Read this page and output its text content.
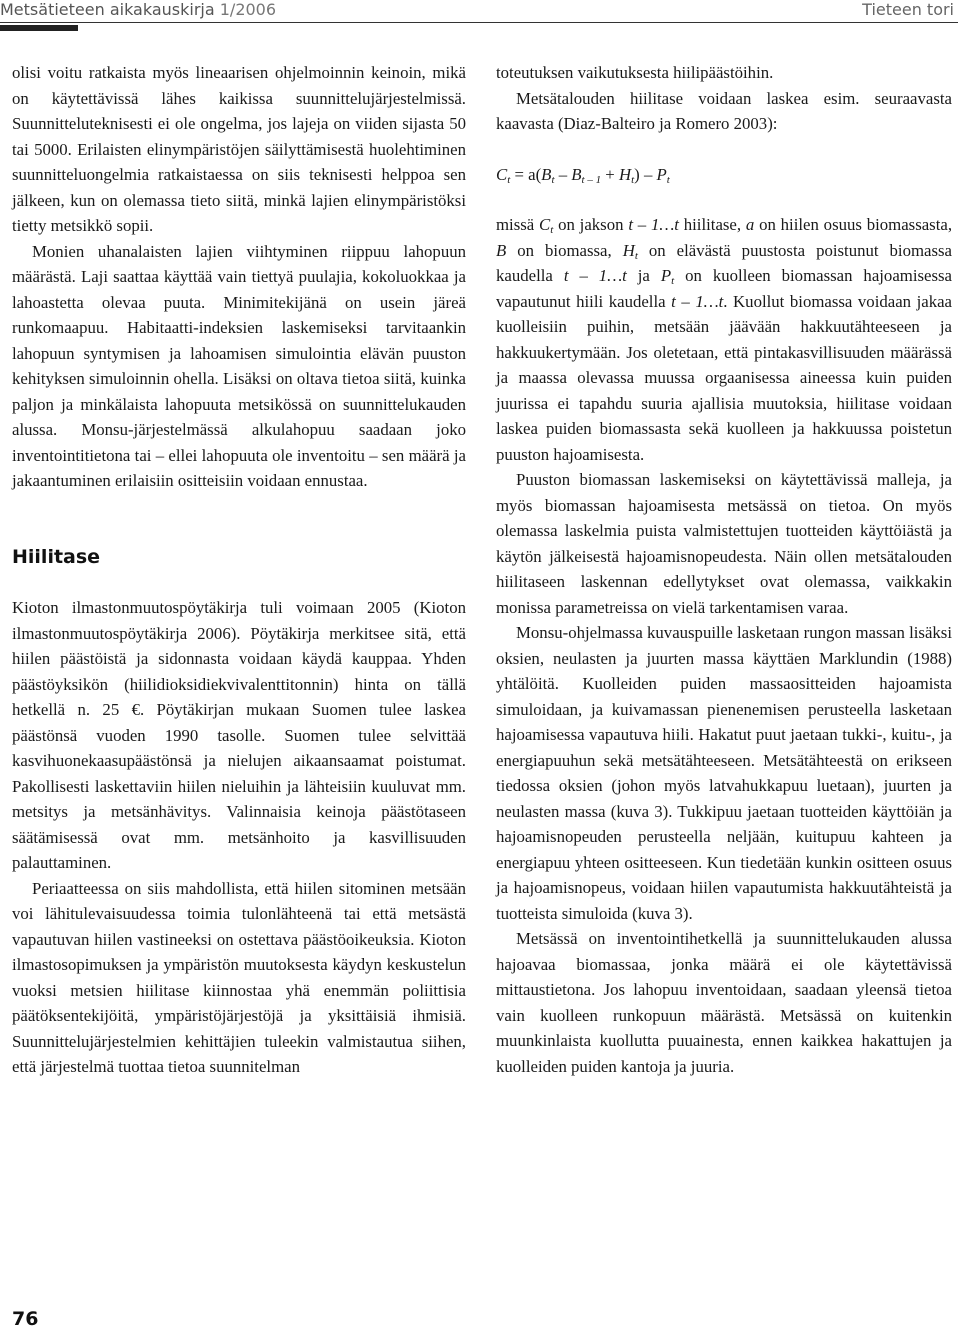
Metsätieteen aikakauskirja 1/2006	Tieteen tori

olisi voitu ratkaista myös lineaarisen ohjelmoinnin keinoin, mikä on käytettävissä lähes kaikissa suunnittelujärjestelmissä. Suunnitteluteknisesti ei ole ongelma, jos lajeja on viiden sijasta 50 tai 5000. Erilaisten elinympäristöjen säilyttämisestä huolehtiminen suunnitteluongelmia ratkaistaessa on siis teknisesti helppoa sen jälkeen, kun on olemassa tieto siitä, minkä lajien elinympäristöksi tietty metsikkö sopii.

Monien uhanalaisten lajien viihtyminen riippuu lahopuun määrästä. Laji saattaa käyttää vain tiettyä puulajia, kokoluokkaa ja lahoastetta olevaa puuta. Minimitekijänä on usein järeä runkomaapuu. Habitaatti-indeksien laskemiseksi tarvitaankin lahopuun syntymisen ja lahoamisen simulointia elävän puuston kehityksen simuloinnin ohella. Lisäksi on oltava tietoa siitä, kuinka paljon ja minkälaista lahopuuta metsikössä on suunnittelukauden alussa. Monsu-järjestelmässä alkulahopuu saadaan joko inventointitietona tai – ellei lahopuuta ole inventoitu – sen määrä ja jakaantuminen erilaisiin ositteisiin voidaan ennustaa.

Hiilitase

Kioton ilmastonmuutospöytäkirja tuli voimaan 2005 (Kioton ilmastonmuutospöytäkirja 2006). Pöytäkirja merkitsee sitä, että hiilen päästöistä ja sidonnasta voidaan käydä kauppaa. Yhden päästöyksikön (hiilidioksidiekvivalenttitonnin) hinta on tällä hetkellä n. 25 €. Pöytäkirjan mukaan Suomen tulee laskea päästönsä vuoden 1990 tasolle. Suomen tulee selvittää kasvihuonekaasupäästönsä ja nielujen aikaansaamat poistumat. Pakollisesti laskettaviin hiilen nieluihin ja lähteisiin kuuluvat mm. metsitys ja metsänhävitys. Valinnaisia keinoja päästötaseen säätämisessä ovat mm. metsänhoito ja kasvillisuuden palauttaminen.

Periaatteessa on siis mahdollista, että hiilen sitominen metsään voi lähitulevaisuudessa toimia tulonlähteenä tai että metsästä vapautuvan hiilen vastineeksi on ostettava päästöoikeuksia. Kioton ilmastosopimuksen ja ympäristön muutoksesta käydyn keskustelun vuoksi metsien hiilitase kiinnostaa yhä enemmän poliittisia päätöksentekijöitä, ympäristöjärjestöjä ja yksittäisiä ihmisiä. Suunnittelujärjestelmien kehittäjien tuleekin valmistautua siihen, että järjestelmä tuottaa tietoa suunnitelman

toteutuksen vaikutuksesta hiilipäästöihin.

Metsätalouden hiilitase voidaan laskea esim. seuraavasta kaavasta (Diaz-Balteiro ja Romero 2003):

$C_t = a(B_t - B_{t - 1} + H_t) - P_t$

missä $C_t$ on jakson t – 1…t hiilitase, a on hiilen osuus biomassasta, B on biomassa, $H_t$ on elävästä puustosta poistunut biomassa kaudella t – 1…t ja $P_t$ on kuolleen biomassan hajoamisessa vapautunut hiili kaudella t – 1…t. Kuollut biomassa voidaan jakaa kuolleisiin puihin, metsään jäävään hakkuutähteeseen ja hakkuukertymään. Jos oletetaan, että pintakasvillisuuden määrässä ja maassa olevassa muussa orgaanisessa aineessa kuin puiden juurissa ei tapahdu suuria ajallisia muutoksia, hiilitase voidaan laskea puiden biomassasta sekä kuolleen ja hakkuussa poistetun puuston hajoamisesta.

Puuston biomassan laskemiseksi on käytettävissä malleja, ja myös biomassan hajoamisesta metsässä on tietoa. On myös olemassa laskelmia puista valmistettujen tuotteiden käyttöiästä ja käytön jälkeisestä hajoamisnopeudesta. Näin ollen metsätalouden hiilitaseen laskennan edellytykset ovat olemassa, vaikkakin monissa parametreissa on vielä tarkentamisen varaa.

Monsu-ohjelmassa kuvauspuille lasketaan rungon massan lisäksi oksien, neulasten ja juurten massa käyttäen Marklundin (1988) yhtälöitä. Kuolleiden puiden massaositteiden hajoamista simuloidaan, ja kuivamassan pienenemisen perusteella lasketaan hajoamisessa vapautuva hiili. Hakatut puut jaetaan tukki-, kuitu-, ja energiapuuhun sekä metsätähteeseen. Metsätähteestä on erikseen tiedossa oksien (johon myös latvahukkapuu luetaan), juurten ja neulasten massa (kuva 3). Tukkipuu jaetaan tuotteiden käyttöiän ja hajoamisnopeuden perusteella neljään, kuitupuu kahteen ja energiapuu yhteen ositteeseen. Kun tiedetään kunkin ositteen osuus ja hajoamisnopeus, voidaan hiilen vapautumista hakkuutähteistä ja tuotteista simuloida (kuva 3).

Metsässä on inventointihetkellä ja suunnittelukauden alussa hajoavaa biomassaa, jonka määrä ei ole käytettävissä mittaustietona. Jos lahopuu inventoidaan, saadaan yleensä tietoa vain kuolleen runkopuun määrästä. Metsässä on kuitenkin muunkinlaista kuollutta puuainesta, ennen kaikkea hakattujen ja kuolleiden puiden kantoja ja juuria.

76
